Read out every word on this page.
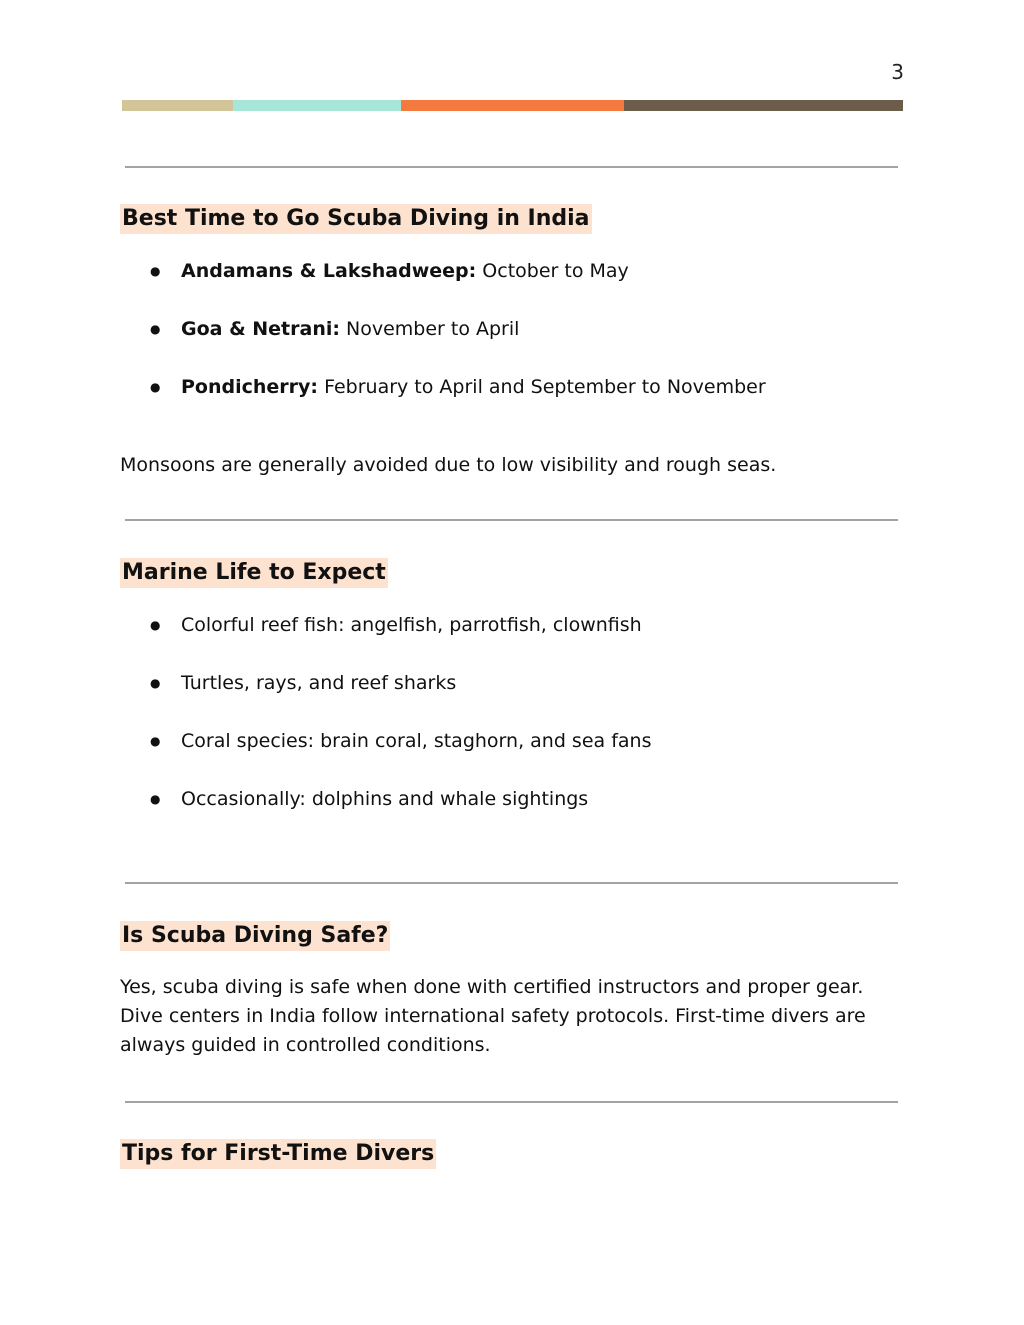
3
Best Time to Go Scuba Diving in India
● Andamans & Lakshadweep: October to May
● Goa & Netrani: November to April
● Pondicherry: February to April and September to November

Monsoons are generally avoided due to low visibility and rough seas.

Marine Life to Expect
● Colorful reef fish: angelfish, parrotfish, clownfish
● Turtles, rays, and reef sharks
● Coral species: brain coral, staghorn, and sea fans
● Occasionally: dolphins and whale sightings
Is Scuba Diving Safe?

Yes, scuba diving is safe when done with certified instructors and proper gear. Dive centers in India follow international safety protocols. First-time divers are always guided in controlled conditions.

Tips for First-Time Divers
